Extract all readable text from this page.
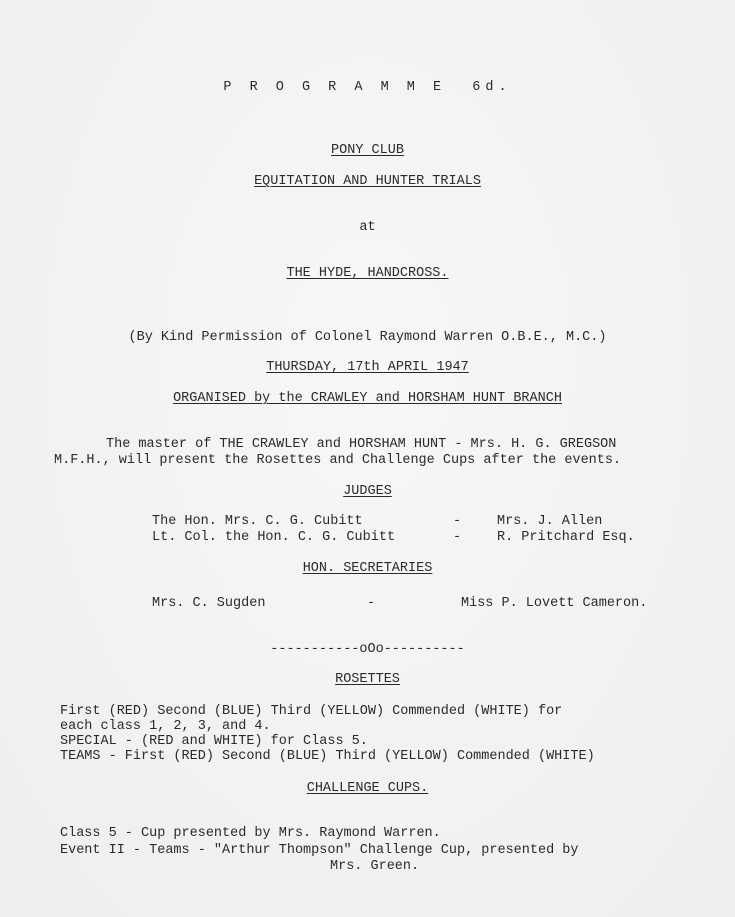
P R O G R A M M E  6d.
PONY CLUB
EQUITATION AND HUNTER TRIALS
at
THE HYDE, HANDCROSS.
(By Kind Permission of Colonel Raymond Warren O.B.E., M.C.)
THURSDAY, 17th APRIL 1947
ORGANISED by the CRAWLEY and HORSHAM HUNT BRANCH
The master of THE CRAWLEY and HORSHAM HUNT - Mrs. H. G. GREGSON
M.F.H., will present the Rosettes and Challenge Cups after the events.
JUDGES
The Hon. Mrs. C. G. Cubitt	-	Mrs. J. Allen
Lt. Col. the Hon. C. G. Cubitt	-	R. Pritchard Esq.
HON. SECRETARIES
Mrs. C. Sugden	-	Miss P. Lovett Cameron.
-----------oOo----------
ROSETTES
First (RED) Second (BLUE) Third (YELLOW) Commended (WHITE) for
each class 1, 2, 3, and 4.
SPECIAL - (RED and WHITE) for Class 5.
TEAMS - First (RED) Second (BLUE) Third (YELLOW) Commended (WHITE)
CHALLENGE CUPS.
Class 5 - Cup presented by Mrs. Raymond Warren.
Event II - Teams - "Arthur Thompson" Challenge Cup, presented by
Mrs. Green.
